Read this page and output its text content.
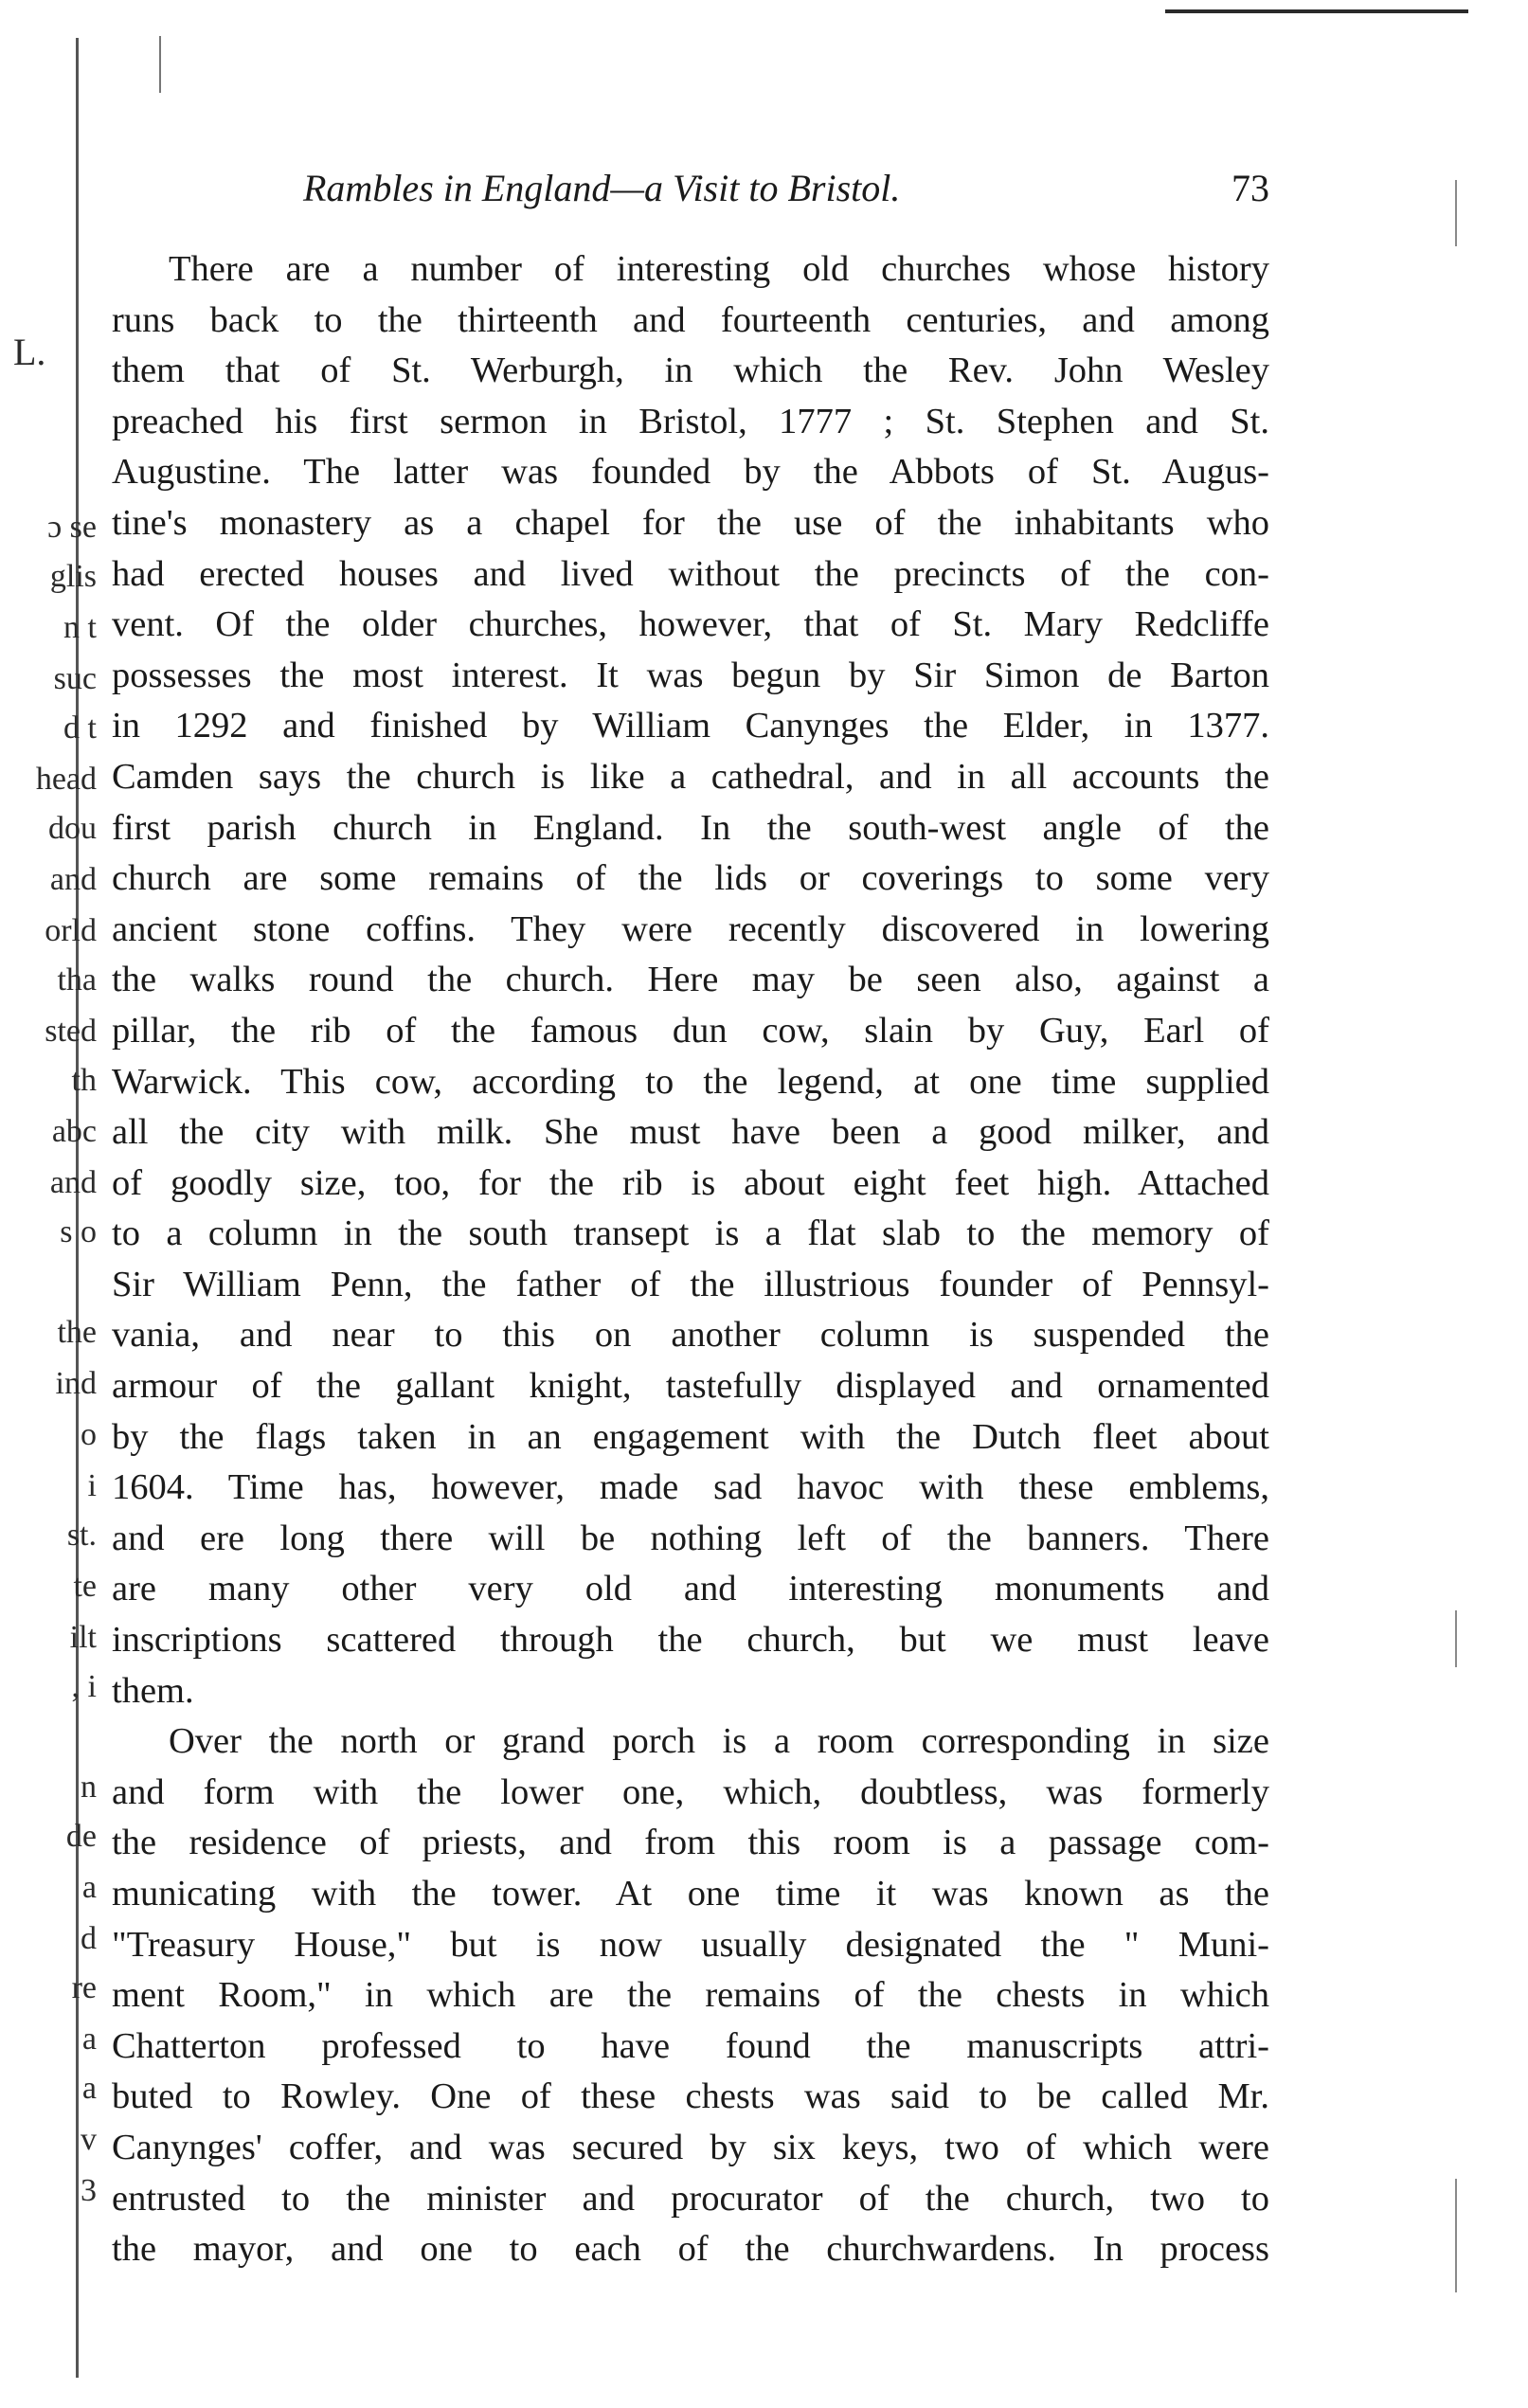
L.
ɔ se
glis
n t
suc
d t
head
dou
and
orld
tha
sted
th
abc
and
s o
the
ind
o
i
st.
te
ilt
, i
n
de
a
d
re
a
a
v
3
Rambles in England—a Visit to Bristol.	73
There are a number of interesting old churches whose history
runs back to the thirteenth and fourteenth centuries, and among
them that of St. Werburgh, in which the Rev. John Wesley
preached his first sermon in Bristol, 1777 ; St. Stephen and St.
Augustine. The latter was founded by the Abbots of St. Augus-
tine's monastery as a chapel for the use of the inhabitants who
had erected houses and lived without the precincts of the con-
vent. Of the older churches, however, that of St. Mary Redcliffe
possesses the most interest. It was begun by Sir Simon de Barton
in 1292 and finished by William Canynges the Elder, in 1377.
Camden says the church is like a cathedral, and in all accounts the
first parish church in England. In the south-west angle of the
church are some remains of the lids or coverings to some very
ancient stone coffins. They were recently discovered in lowering
the walks round the church. Here may be seen also, against a
pillar, the rib of the famous dun cow, slain by Guy, Earl of
Warwick. This cow, according to the legend, at one time supplied
all the city with milk. She must have been a good milker, and
of goodly size, too, for the rib is about eight feet high. Attached
to a column in the south transept is a flat slab to the memory of
Sir William Penn, the father of the illustrious founder of Pennsyl-
vania, and near to this on another column is suspended the
armour of the gallant knight, tastefully displayed and ornamented
by the flags taken in an engagement with the Dutch fleet about
1604. Time has, however, made sad havoc with these emblems,
and ere long there will be nothing left of the banners. There
are many other very old and interesting monuments and
inscriptions scattered through the church, but we must leave
them.
Over the north or grand porch is a room corresponding in size
and form with the lower one, which, doubtless, was formerly
the residence of priests, and from this room is a passage com-
municating with the tower. At one time it was known as the
"Treasury House," but is now usually designated the " Muni-
ment Room," in which are the remains of the chests in which
Chatterton professed to have found the manuscripts attri-
buted to Rowley. One of these chests was said to be called Mr.
Canynges' coffer, and was secured by six keys, two of which were
entrusted to the minister and procurator of the church, two to
the mayor, and one to each of the churchwardens. In process
